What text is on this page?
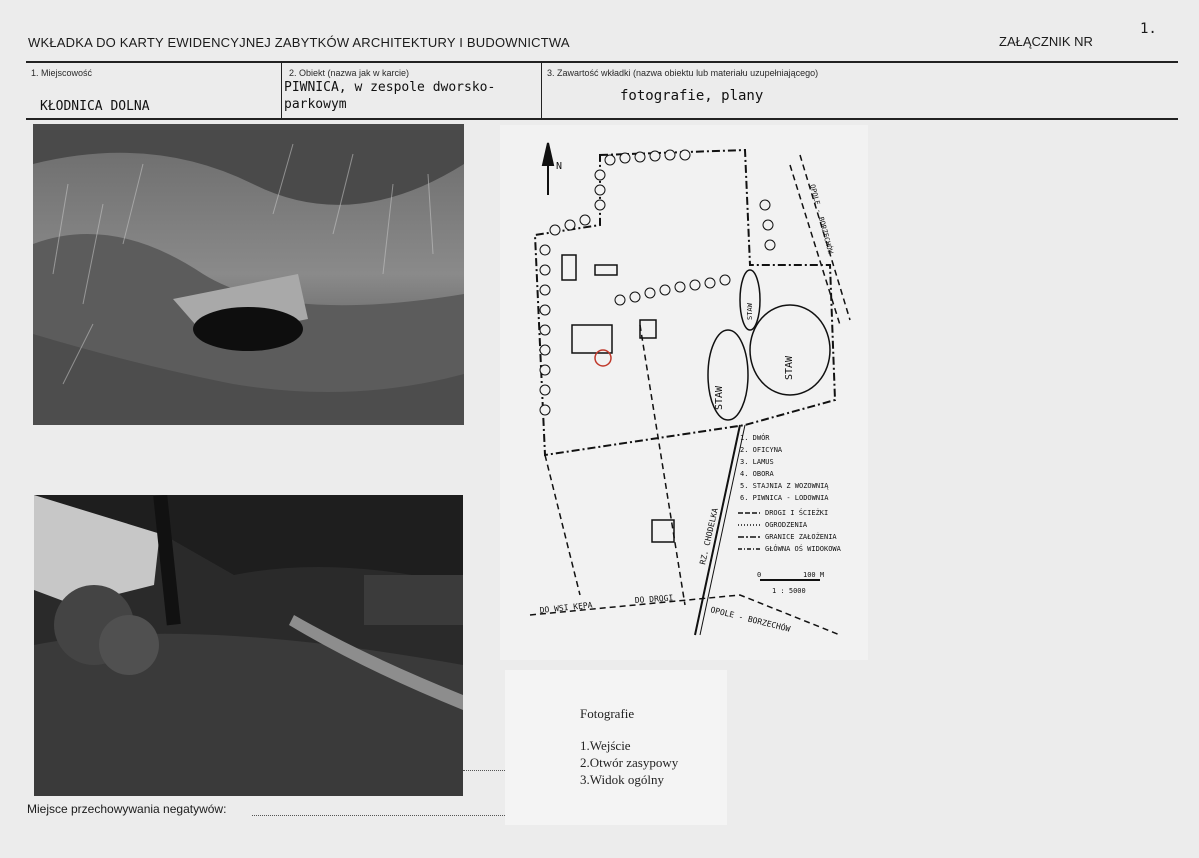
WKŁADKA DO KARTY EWIDENCYJNEJ ZABYTKÓW ARCHITEKTURY I BUDOWNICTWA	ZAŁĄCZNIK NR
1.
1. Miejscowość
KŁODNICA DOLNA
2. Obiekt (nazwa jak w karcie)
PIWNICA, w zespole dworsko-
parkowym
3. Zawartość wkładki (nazwa obiektu lub materiału uzupełniającego)
fotografie, plany
N
STAW
STAW
STAW
RZ. CHODELKA
DO WSI KĘPA
DO DROGI
OPOLE - BORZECHÓW
OPOLE - BORZECHÓW
1. DWÓR
2. OFICYNA
3. LAMUS
4. OBORA
5. STAJNIA Z WOZOWNIĄ
6. PIWNICA - LODOWNIA
DROGI I ŚCIEŻKI
OGRODZENIA
GRANICE ZAŁOŻENIA
GŁÓWNA OŚ WIDOKOWA
0	100 M
1 : 5000
Fotografie
1.Wejście
2.Otwór zasypowy
3.Widok ogólny
Miejsce przechowywania negatywów:
